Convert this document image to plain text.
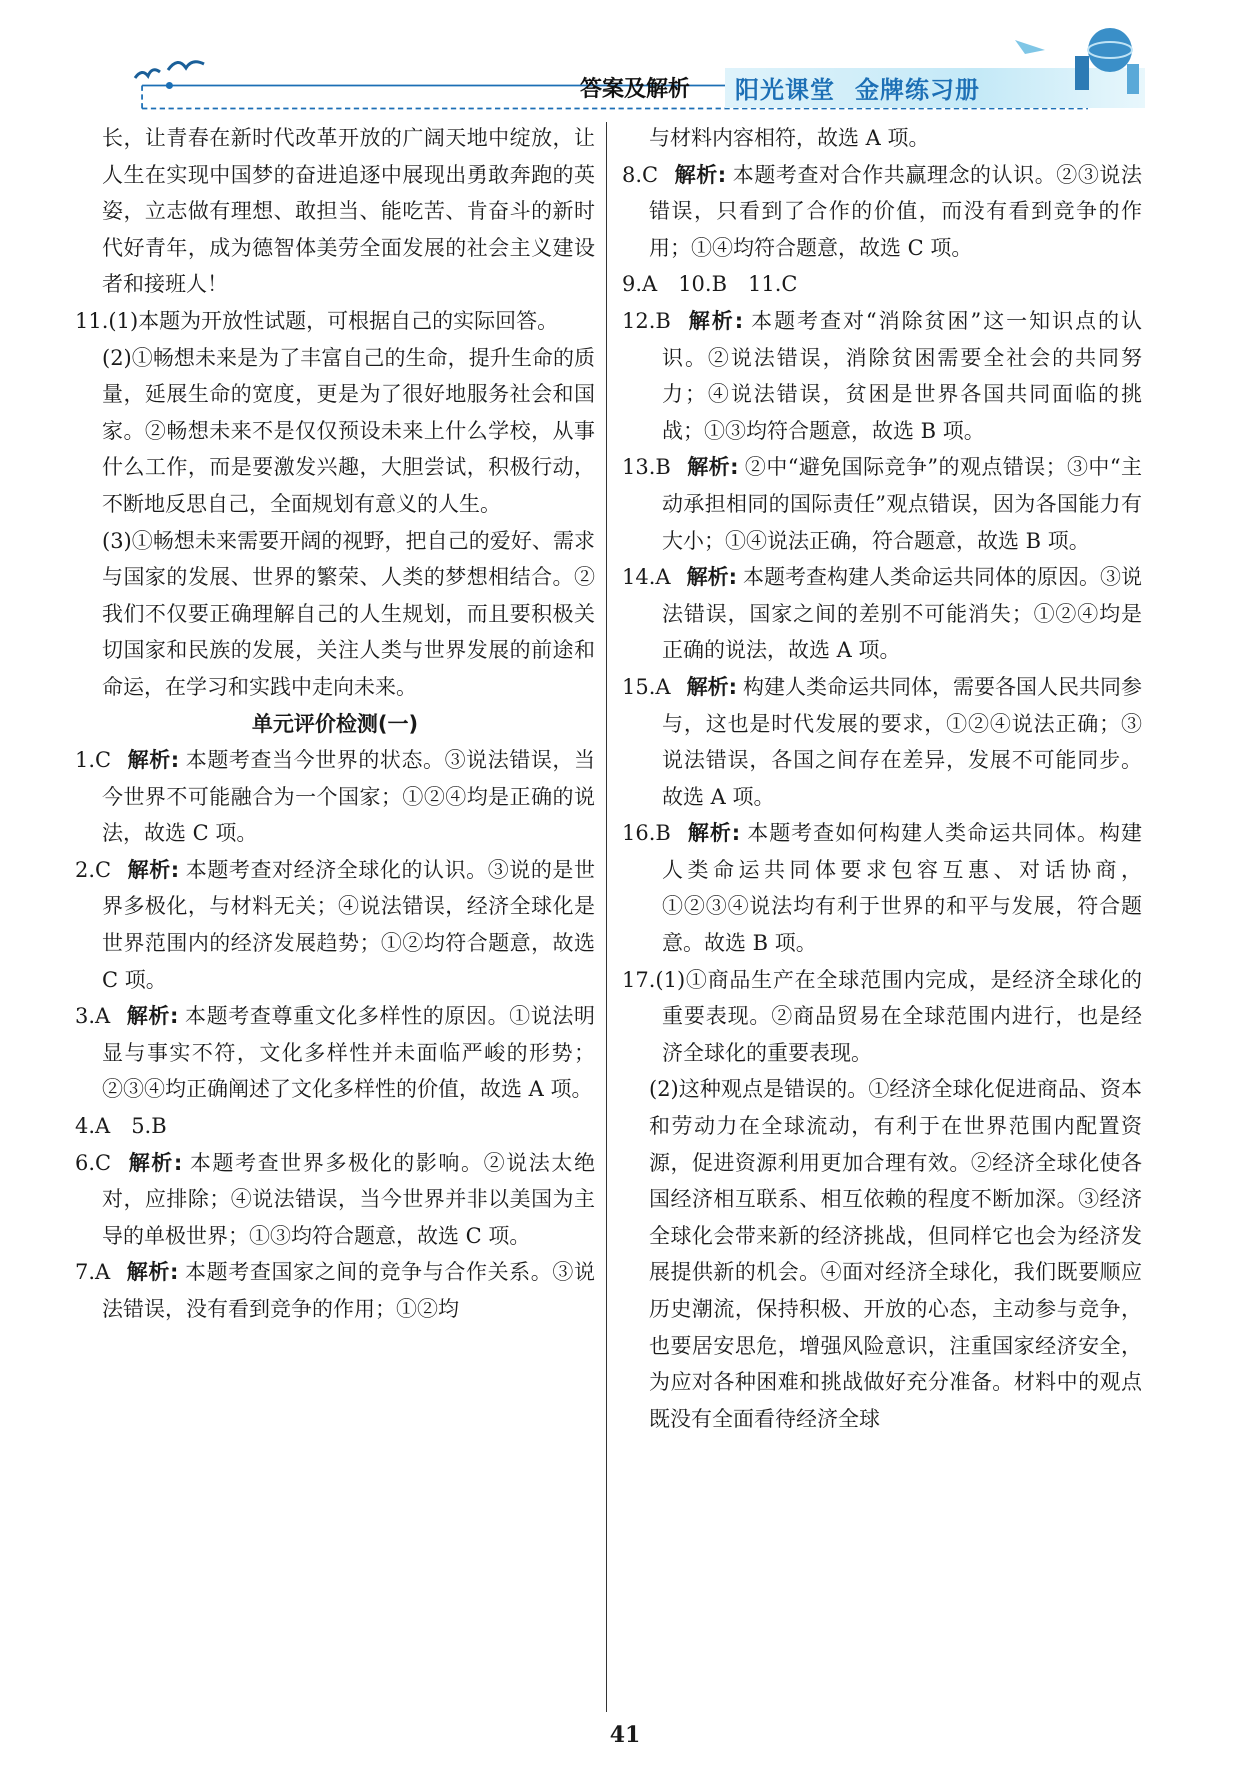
答案及解析 阳光课堂 金牌练习册

长，让青春在新时代改革开放的广阔天地中绽放，让人生在实现中国梦的奋进追逐中展现出勇敢奔跑的英姿，立志做有理想、敢担当、能吃苦、肯奋斗的新时代好青年，成为德智体美劳全面发展的社会主义建设者和接班人！

11.(1)本题为开放性试题，可根据自己的实际回答。

(2)①畅想未来是为了丰富自己的生命，提升生命的质量，延展生命的宽度，更是为了很好地服务社会和国家。②畅想未来不是仅仅预设未来上什么学校，从事什么工作，而是要激发兴趣，大胆尝试，积极行动，不断地反思自己，全面规划有意义的人生。

(3)①畅想未来需要开阔的视野，把自己的爱好、需求与国家的发展、世界的繁荣、人类的梦想相结合。②我们不仅要正确理解自己的人生规划，而且要积极关切国家和民族的发展，关注人类与世界发展的前途和命运，在学习和实践中走向未来。

单元评价检测(一)
1.C 解析: 本题考查当今世界的状态。③说法错误，当今世界不可能融合为一个国家；①②④均是正确的说法，故选 C 项。
2.C 解析: 本题考查对经济全球化的认识。③说的是世界多极化，与材料无关；④说法错误，经济全球化是世界范围内的经济发展趋势；①②均符合题意，故选 C 项。
3.A 解析: 本题考查尊重文化多样性的原因。①说法明显与事实不符，文化多样性并未面临严峻的形势；②③④均正确阐述了文化多样性的价值，故选 A 项。
4.A　5.B
6.C 解析: 本题考查世界多极化的影响。②说法太绝对，应排除；④说法错误，当今世界并非以美国为主导的单极世界；①③均符合题意，故选 C 项。
7.A 解析: 本题考查国家之间的竞争与合作关系。③说法错误，没有看到竞争的作用；①②均

与材料内容相符，故选 A 项。

8.C 解析: 本题考查对合作共赢理念的认识。②③说法错误，只看到了合作的价值，而没有看到竞争的作用；①④均符合题意，故选 C 项。
9.A　10.B　11.C
12.B 解析: 本题考查对“消除贫困”这一知识点的认识。②说法错误，消除贫困需要全社会的共同努力；④说法错误，贫困是世界各国共同面临的挑战；①③均符合题意，故选 B 项。
13.B 解析: ②中“避免国际竞争”的观点错误；③中“主动承担相同的国际责任”观点错误，因为各国能力有大小；①④说法正确，符合题意，故选 B 项。
14.A 解析: 本题考查构建人类命运共同体的原因。③说法错误，国家之间的差别不可能消失；①②④均是正确的说法，故选 A 项。
15.A 解析: 构建人类命运共同体，需要各国人民共同参与，这也是时代发展的要求，①②④说法正确；③说法错误，各国之间存在差异，发展不可能同步。故选 A 项。
16.B 解析: 本题考查如何构建人类命运共同体。构建人类命运共同体要求包容互惠、对话协商，①②③④说法均有利于世界的和平与发展，符合题意。故选 B 项。
17.(1)①商品生产在全球范围内完成，是经济全球化的重要表现。②商品贸易在全球范围内进行，也是经济全球化的重要表现。

(2)这种观点是错误的。①经济全球化促进商品、资本和劳动力在全球流动，有利于在世界范围内配置资源，促进资源利用更加合理有效。②经济全球化使各国经济相互联系、相互依赖的程度不断加深。③经济全球化会带来新的经济挑战，但同样它也会为经济发展提供新的机会。④面对经济全球化，我们既要顺应历史潮流，保持积极、开放的心态，主动参与竞争，也要居安思危，增强风险意识，注重国家经济安全，为应对各种困难和挑战做好充分准备。材料中的观点既没有全面看待经济全球

41
